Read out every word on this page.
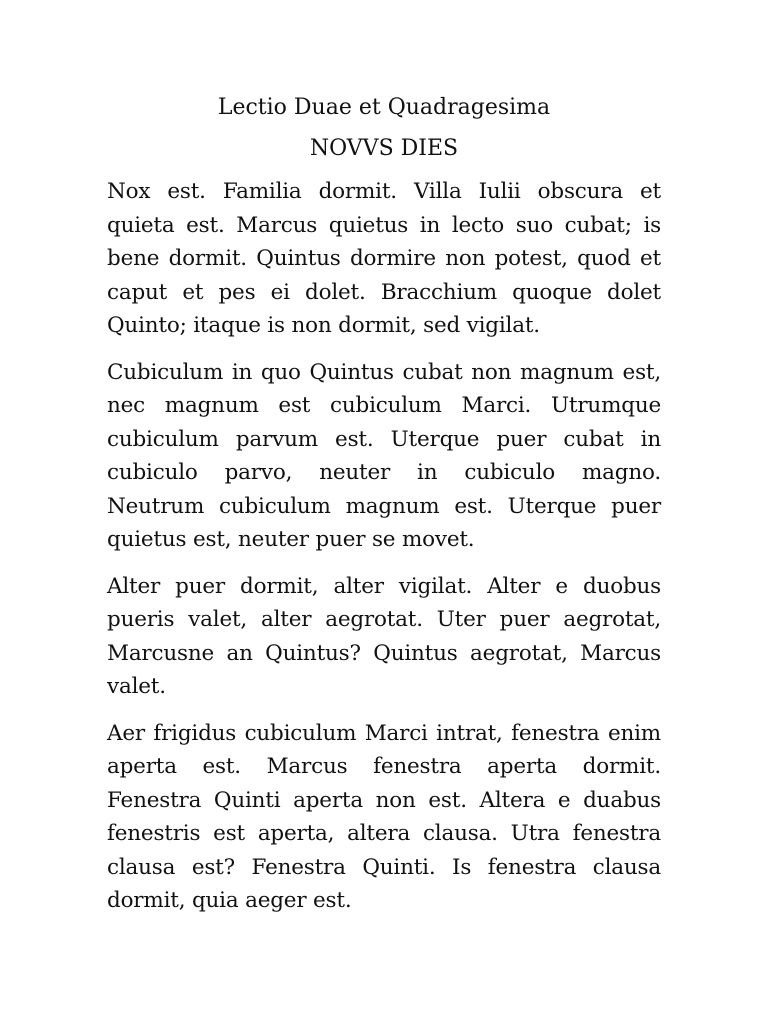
Lectio Duae et Quadragesima
NOVVS DIES

Nox est. Familia dormit. Villa Iulii obscura et quieta est. Marcus quietus in lecto suo cubat; is bene dormit. Quintus dormire non potest, quod et caput et pes ei dolet. Bracchium quoque dolet Quinto; itaque is non dormit, sed vigilat.

Cubiculum in quo Quintus cubat non magnum est, nec magnum est cubiculum Marci. Utrumque cubiculum parvum est. Uterque puer cubat in cubiculo parvo, neuter in cubiculo magno. Neutrum cubiculum magnum est. Uterque puer quietus est, neuter puer se movet.

Alter puer dormit, alter vigilat. Alter e duobus pueris valet, alter aegrotat. Uter puer aegrotat, Marcusne an Quintus? Quintus aegrotat, Marcus valet.

Aer frigidus cubiculum Marci intrat, fenestra enim aperta est. Marcus fenestra aperta dormit. Fenestra Quinti aperta non est. Altera e duabus fenestris est aperta, altera clausa. Utra fenestra clausa est? Fenestra Quinti. Is fenestra clausa dormit, quia aeger est.
